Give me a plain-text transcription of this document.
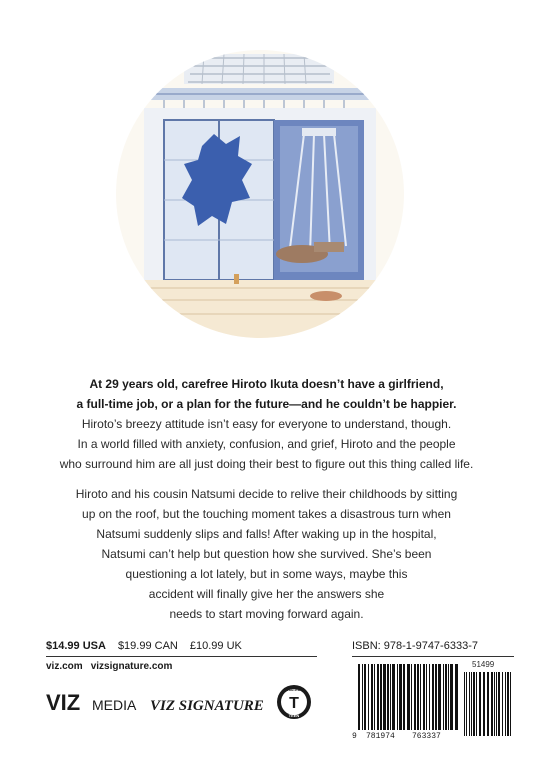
At 29 years old, carefree Hiroto Ikuta doesn’t have a girlfriend,
a full-time job, or a plan for the future—and he couldn’t be happier.

Hiroto’s breezy attitude isn’t easy for everyone to understand, though.
In a world filled with anxiety, confusion, and grief, Hiroto and the people
who surround him are all just doing their best to figure out this thing called life.

Hiroto and his cousin Natsumi decide to relive their childhoods by sitting
up on the roof, but the touching moment takes a disastrous turn when
Natsumi suddenly slips and falls! After waking up in the hospital,
Natsumi can’t help but question how she survived. She’s been
questioning a lot lately, but in some ways, maybe this
accident will finally give her the answers she
needs to start moving forward again.

$14.99 USA $19.99 CAN £10.99 UK
viz.com vizsignature.com
VIZ MEDIA VIZ SIGNATURE T
RATED
TEEN
ISBN: 978-1-9747-6333-7
51499
9 781974 763337
